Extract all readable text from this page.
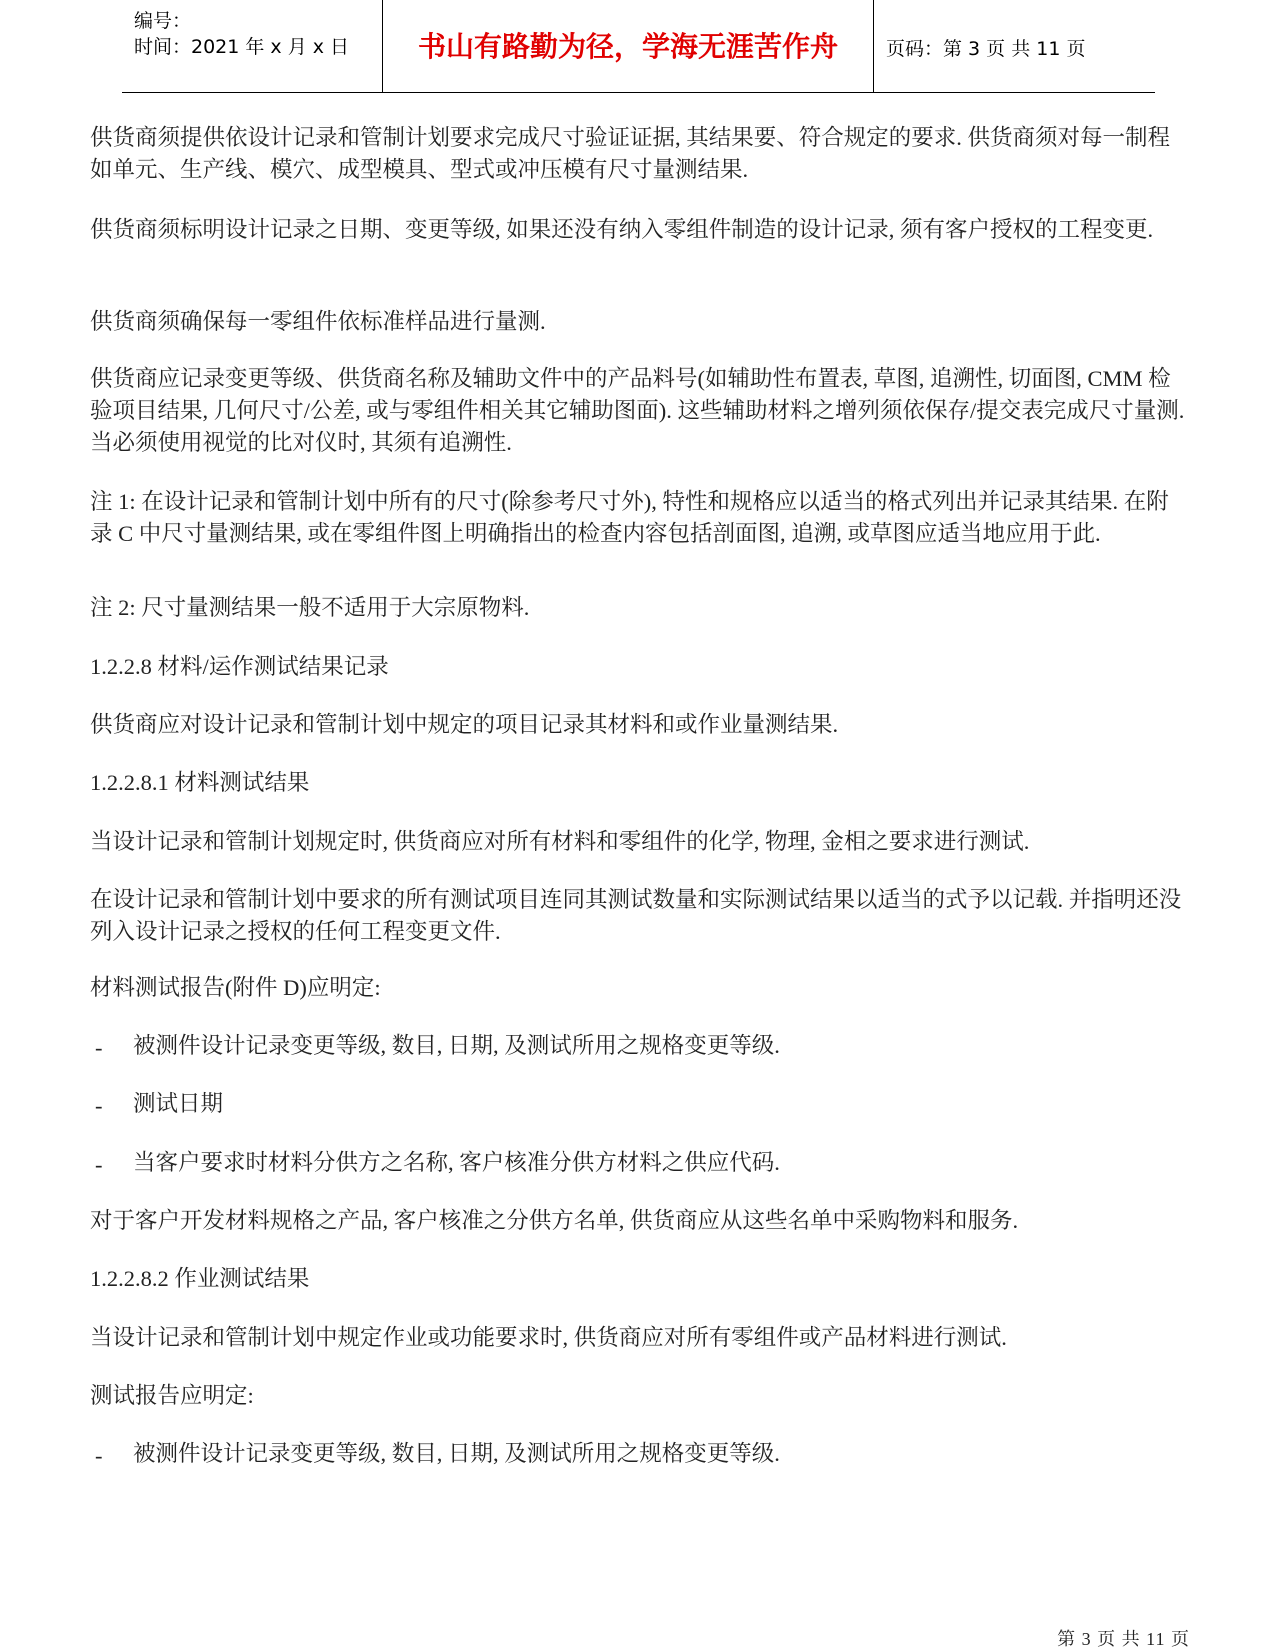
编号：
时间：2021 年 x 月 x 日	书山有路勤为径，学海无涯苦作舟	页码：第 3 页 共 11 页

供货商须提供依设计记录和管制计划要求完成尺寸验证证据, 其结果要、符合规定的要求. 供货商须对每一制程如单元、生产线、模穴、成型模具、型式或冲压模有尺寸量测结果.

供货商须标明设计记录之日期、变更等级, 如果还没有纳入零组件制造的设计记录, 须有客户授权的工程变更.

供货商须确保每一零组件依标准样品进行量测.

供货商应记录变更等级、供货商名称及辅助文件中的产品料号(如辅助性布置表, 草图, 追溯性, 切面图, CMM 检验项目结果, 几何尺寸/公差, 或与零组件相关其它辅助图面). 这些辅助材料之增列须依保存/提交表完成尺寸量测. 当必须使用视觉的比对仪时, 其须有追溯性.

注 1: 在设计记录和管制计划中所有的尺寸(除参考尺寸外), 特性和规格应以适当的格式列出并记录其结果. 在附录 C 中尺寸量测结果, 或在零组件图上明确指出的检查内容包括剖面图, 追溯, 或草图应适当地应用于此.

注 2: 尺寸量测结果一般不适用于大宗原物料.

1.2.2.8 材料/运作测试结果记录

供货商应对设计记录和管制计划中规定的项目记录其材料和或作业量测结果.

1.2.2.8.1 材料测试结果

当设计记录和管制计划规定时, 供货商应对所有材料和零组件的化学, 物理, 金相之要求进行测试.

在设计记录和管制计划中要求的所有测试项目连同其测试数量和实际测试结果以适当的式予以记载. 并指明还没列入设计记录之授权的任何工程变更文件.

材料测试报告(附件 D)应明定:

- 被测件设计记录变更等级, 数目, 日期, 及测试所用之规格变更等级.

- 测试日期

- 当客户要求时材料分供方之名称, 客户核准分供方材料之供应代码.

对于客户开发材料规格之产品, 客户核准之分供方名单, 供货商应从这些名单中采购物料和服务.

1.2.2.8.2 作业测试结果

当设计记录和管制计划中规定作业或功能要求时, 供货商应对所有零组件或产品材料进行测试.

测试报告应明定:

- 被测件设计记录变更等级, 数目, 日期, 及测试所用之规格变更等级.

第 3 页 共 11 页
